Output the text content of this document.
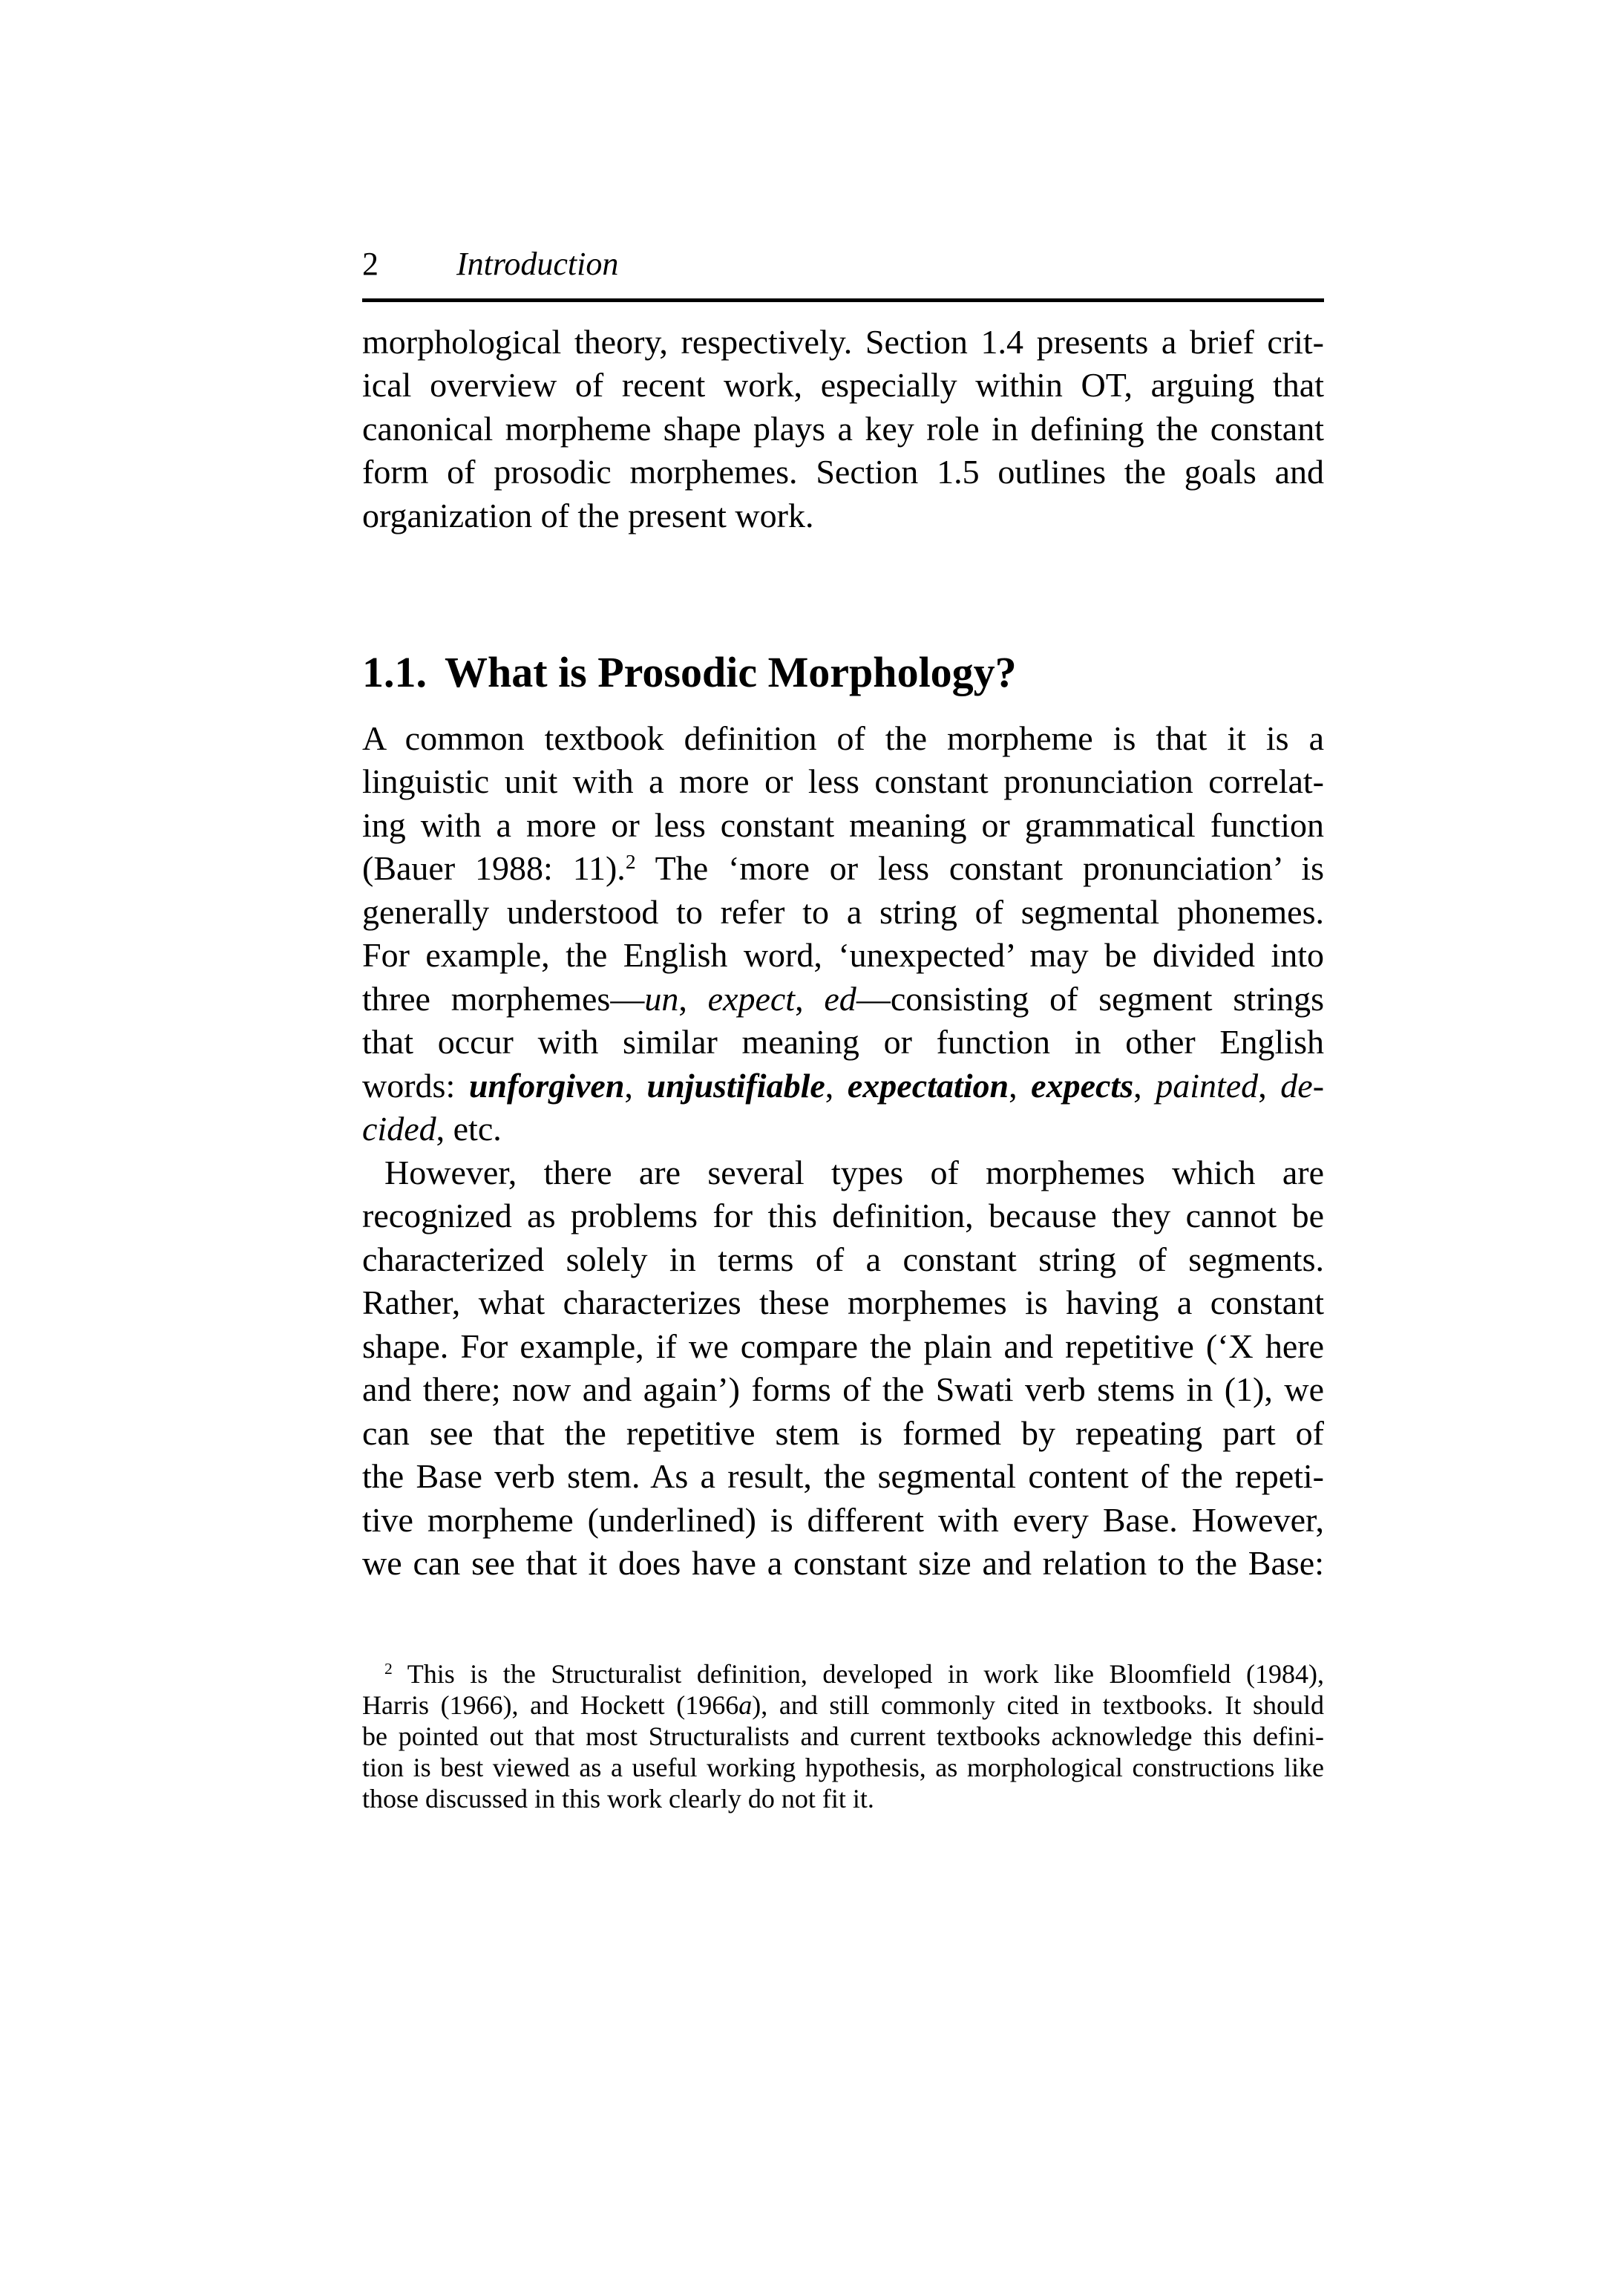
2 Introduction
morphological theory, respectively. Section 1.4 presents a brief crit-
ical overview of recent work, especially within OT, arguing that
canonical morpheme shape plays a key role in defining the constant
form of prosodic morphemes. Section 1.5 outlines the goals and
organization of the present work.
1.1. What is Prosodic Morphology?
A common textbook definition of the morpheme is that it is a
linguistic unit with a more or less constant pronunciation correlat-
ing with a more or less constant meaning or grammatical function
(Bauer 1988: 11).$^2$ The ‘more or less constant pronunciation’ is
generally understood to refer to a string of segmental phonemes.
For example, the English word, ‘unexpected’ may be divided into
three morphemes—un, expect, ed—consisting of segment strings
that occur with similar meaning or function in other English
words: unforgiven, unjustifiable, expectation, expects, painted, de-
cided, etc.
However, there are several types of morphemes which are
recognized as problems for this definition, because they cannot be
characterized solely in terms of a constant string of segments.
Rather, what characterizes these morphemes is having a constant
shape. For example, if we compare the plain and repetitive (‘X here
and there; now and again’) forms of the Swati verb stems in (1), we
can see that the repetitive stem is formed by repeating part of
the Base verb stem. As a result, the segmental content of the repeti-
tive morpheme (underlined) is different with every Base. However,
we can see that it does have a constant size and relation to the Base:
$^2$ This is the Structuralist definition, developed in work like Bloomfield (1984),
Harris (1966), and Hockett (1966a), and still commonly cited in textbooks. It should
be pointed out that most Structuralists and current textbooks acknowledge this defini-
tion is best viewed as a useful working hypothesis, as morphological constructions like
those discussed in this work clearly do not fit it.
